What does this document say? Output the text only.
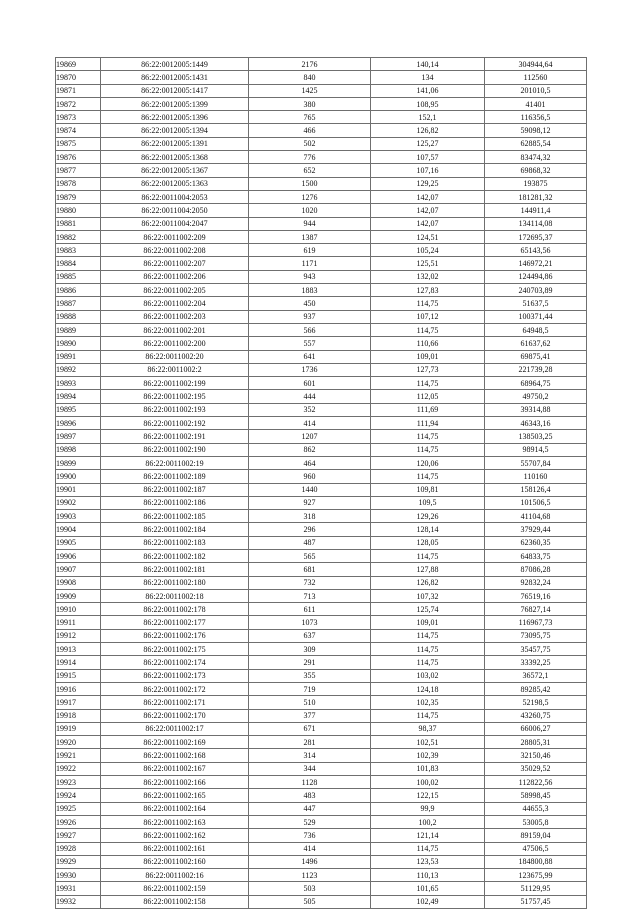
19869	86:22:0012005:1449	2176	140,14	304944,64
19870	86:22:0012005:1431	840	134	112560
19871	86:22:0012005:1417	1425	141,06	201010,5
19872	86:22:0012005:1399	380	108,95	41401
19873	86:22:0012005:1396	765	152,1	116356,5
19874	86:22:0012005:1394	466	126,82	59098,12
19875	86:22:0012005:1391	502	125,27	62885,54
19876	86:22:0012005:1368	776	107,57	83474,32
19877	86:22:0012005:1367	652	107,16	69868,32
19878	86:22:0012005:1363	1500	129,25	193875
19879	86:22:0011004:2053	1276	142,07	181281,32
19880	86:22:0011004:2050	1020	142,07	144911,4
19881	86:22:0011004:2047	944	142,07	134114,08
19882	86:22:0011002:209	1387	124,51	172695,37
19883	86:22:0011002:208	619	105,24	65143,56
19884	86:22:0011002:207	1171	125,51	146972,21
19885	86:22:0011002:206	943	132,02	124494,86
19886	86:22:0011002:205	1883	127,83	240703,89
19887	86:22:0011002:204	450	114,75	51637,5
19888	86:22:0011002:203	937	107,12	100371,44
19889	86:22:0011002:201	566	114,75	64948,5
19890	86:22:0011002:200	557	110,66	61637,62
19891	86:22:0011002:20	641	109,01	69875,41
19892	86:22:0011002:2	1736	127,73	221739,28
19893	86:22:0011002:199	601	114,75	68964,75
19894	86:22:0011002:195	444	112,05	49750,2
19895	86:22:0011002:193	352	111,69	39314,88
19896	86:22:0011002:192	414	111,94	46343,16
19897	86:22:0011002:191	1207	114,75	138503,25
19898	86:22:0011002:190	862	114,75	98914,5
19899	86:22:0011002:19	464	120,06	55707,84
19900	86:22:0011002:189	960	114,75	110160
19901	86:22:0011002:187	1440	109,81	158126,4
19902	86:22:0011002:186	927	109,5	101506,5
19903	86:22:0011002:185	318	129,26	41104,68
19904	86:22:0011002:184	296	128,14	37929,44
19905	86:22:0011002:183	487	128,05	62360,35
19906	86:22:0011002:182	565	114,75	64833,75
19907	86:22:0011002:181	681	127,88	87086,28
19908	86:22:0011002:180	732	126,82	92832,24
19909	86:22:0011002:18	713	107,32	76519,16
19910	86:22:0011002:178	611	125,74	76827,14
19911	86:22:0011002:177	1073	109,01	116967,73
19912	86:22:0011002:176	637	114,75	73095,75
19913	86:22:0011002:175	309	114,75	35457,75
19914	86:22:0011002:174	291	114,75	33392,25
19915	86:22:0011002:173	355	103,02	36572,1
19916	86:22:0011002:172	719	124,18	89285,42
19917	86:22:0011002:171	510	102,35	52198,5
19918	86:22:0011002:170	377	114,75	43260,75
19919	86:22:0011002:17	671	98,37	66006,27
19920	86:22:0011002:169	281	102,51	28805,31
19921	86:22:0011002:168	314	102,39	32150,46
19922	86:22:0011002:167	344	101,83	35029,52
19923	86:22:0011002:166	1128	100,02	112822,56
19924	86:22:0011002:165	483	122,15	58998,45
19925	86:22:0011002:164	447	99,9	44655,3
19926	86:22:0011002:163	529	100,2	53005,8
19927	86:22:0011002:162	736	121,14	89159,04
19928	86:22:0011002:161	414	114,75	47506,5
19929	86:22:0011002:160	1496	123,53	184800,88
19930	86:22:0011002:16	1123	110,13	123675,99
19931	86:22:0011002:159	503	101,65	51129,95
19932	86:22:0011002:158	505	102,49	51757,45
